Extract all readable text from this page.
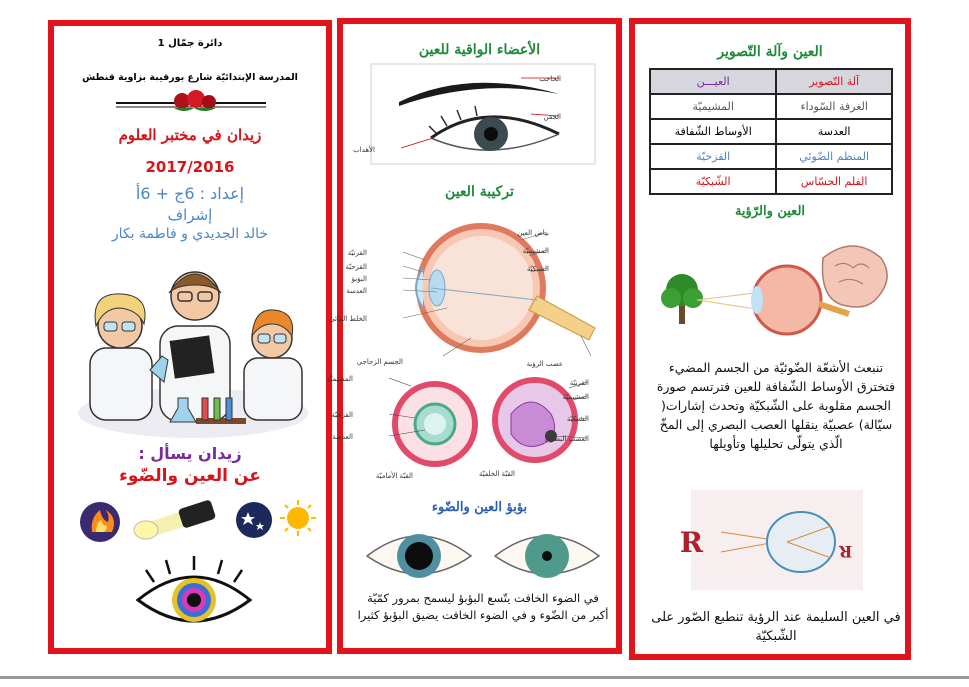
دائرة جمّال 1
المدرسة الإبتدائيّة شارع بورقيبة بزاوية قنطش
زيدان في مختبر العلوم
2017/2016
إعداد : 6ج + 6أ
إشراف
خالد الجديدي و فاطمة بكار
زيدان يسأل :
عن العين والضّوء
الأعضاء الواقية للعين
الحاجب
الجفن
الأهداب
تركيبة العين
بياض العين
المشيميّة
الشبكيّة
القرنيّة
القزحيّة
البؤبؤ
العدسة
الخلط المائي
الجسم الزجاجي	عصب الرؤية
المشيميّة
القزحيّة
العدسة
القبّة الأماميّة
القرنيّة
المشيميّة
الشبكيّة
العصب البصري
القبّة الخلفيّة
بؤبؤ العين والضّوء
في الضوء الخافت يتّسع البؤبؤ ليسمح بمرور كمّيّة أكبر من الضّوء و في الضوء الخافت يضيق البؤبؤ كثيرا
العين وآلة التّصوير
آلة التّصوير	العيـــن
الغرفة السّوداء	المشيميّة
العدسة	الأوساط الشّفافة
المنظم الضّوئي	القزحيّة
الفلم الحسّاس	الشّبكيّة
العين والرّؤية
تنبعث الأشعّة الضّوئيّة من الجسم المضيء فتخترق الأوساط الشّفافة للعين فترتسم صورة الجسم مقلوبة على الشّبكيّة وتحدث إشارات( سيّالة) عصبيّة ينقلها العصب البصري إلى المخّ الّذي يتولّى تحليلها وتأويلها
R	R
في العين السليمة عند الرؤية تنطبع الصّور على الشّبكيّة
